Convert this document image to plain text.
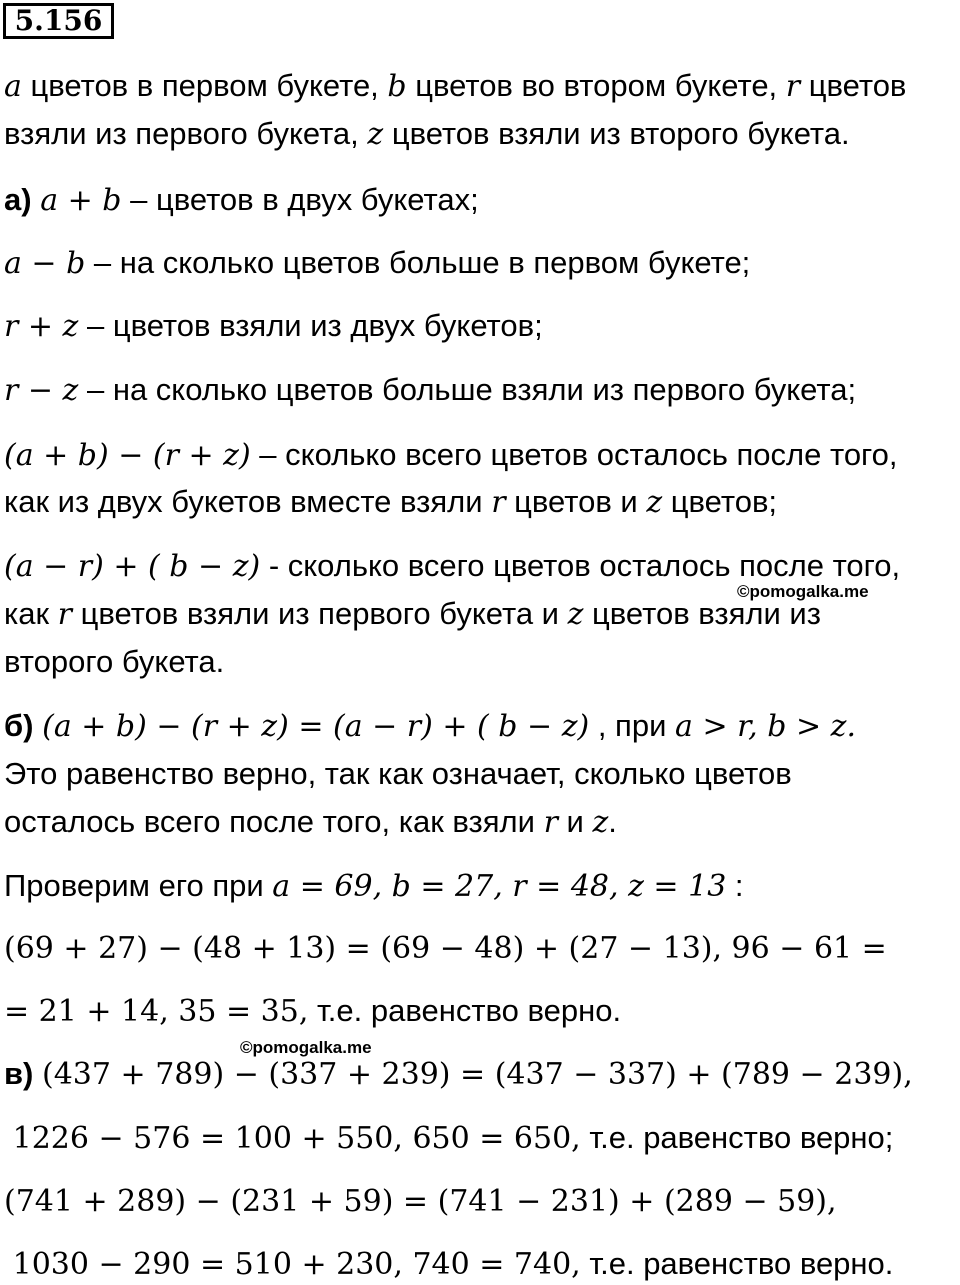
5.156
a цветов в первом букете, b цветов во втором букете, r цветов
взяли из первого букета, z цветов взяли из второго букета.
а) a + b – цветов в двух букетах;
a − b – на сколько цветов больше в первом букете;
r + z – цветов взяли из двух букетов;
r − z – на сколько цветов больше взяли из первого букета;
(a + b) − (r + z) – сколько всего цветов осталось после того,
как из двух букетов вместе взяли r цветов и z цветов;
(a − r) + ( b − z) - сколько всего цветов осталось после того,
©pomogalka.me
как r цветов взяли из первого букета и z цветов взяли из
второго букета.
б) (a + b) − (r + z) = (a − r) + ( b − z) , при a > r, b > z.
Это равенство верно, так как означает, сколько цветов
осталось всего после того, как взяли r и z.
Проверим его при a = 69, b = 27, r = 48, z = 13 :
(69 + 27) − (48 + 13) = (69 − 48) + (27 − 13), 96 − 61 =
= 21 + 14, 35 = 35, т.е. равенство верно.
©pomogalka.me
в) (437 + 789) − (337 + 239) = (437 − 337) + (789 − 239),
1226 − 576 = 100 + 550, 650 = 650, т.е. равенство верно;
(741 + 289) − (231 + 59) = (741 − 231) + (289 − 59),
1030 − 290 = 510 + 230, 740 = 740, т.е. равенство верно.
